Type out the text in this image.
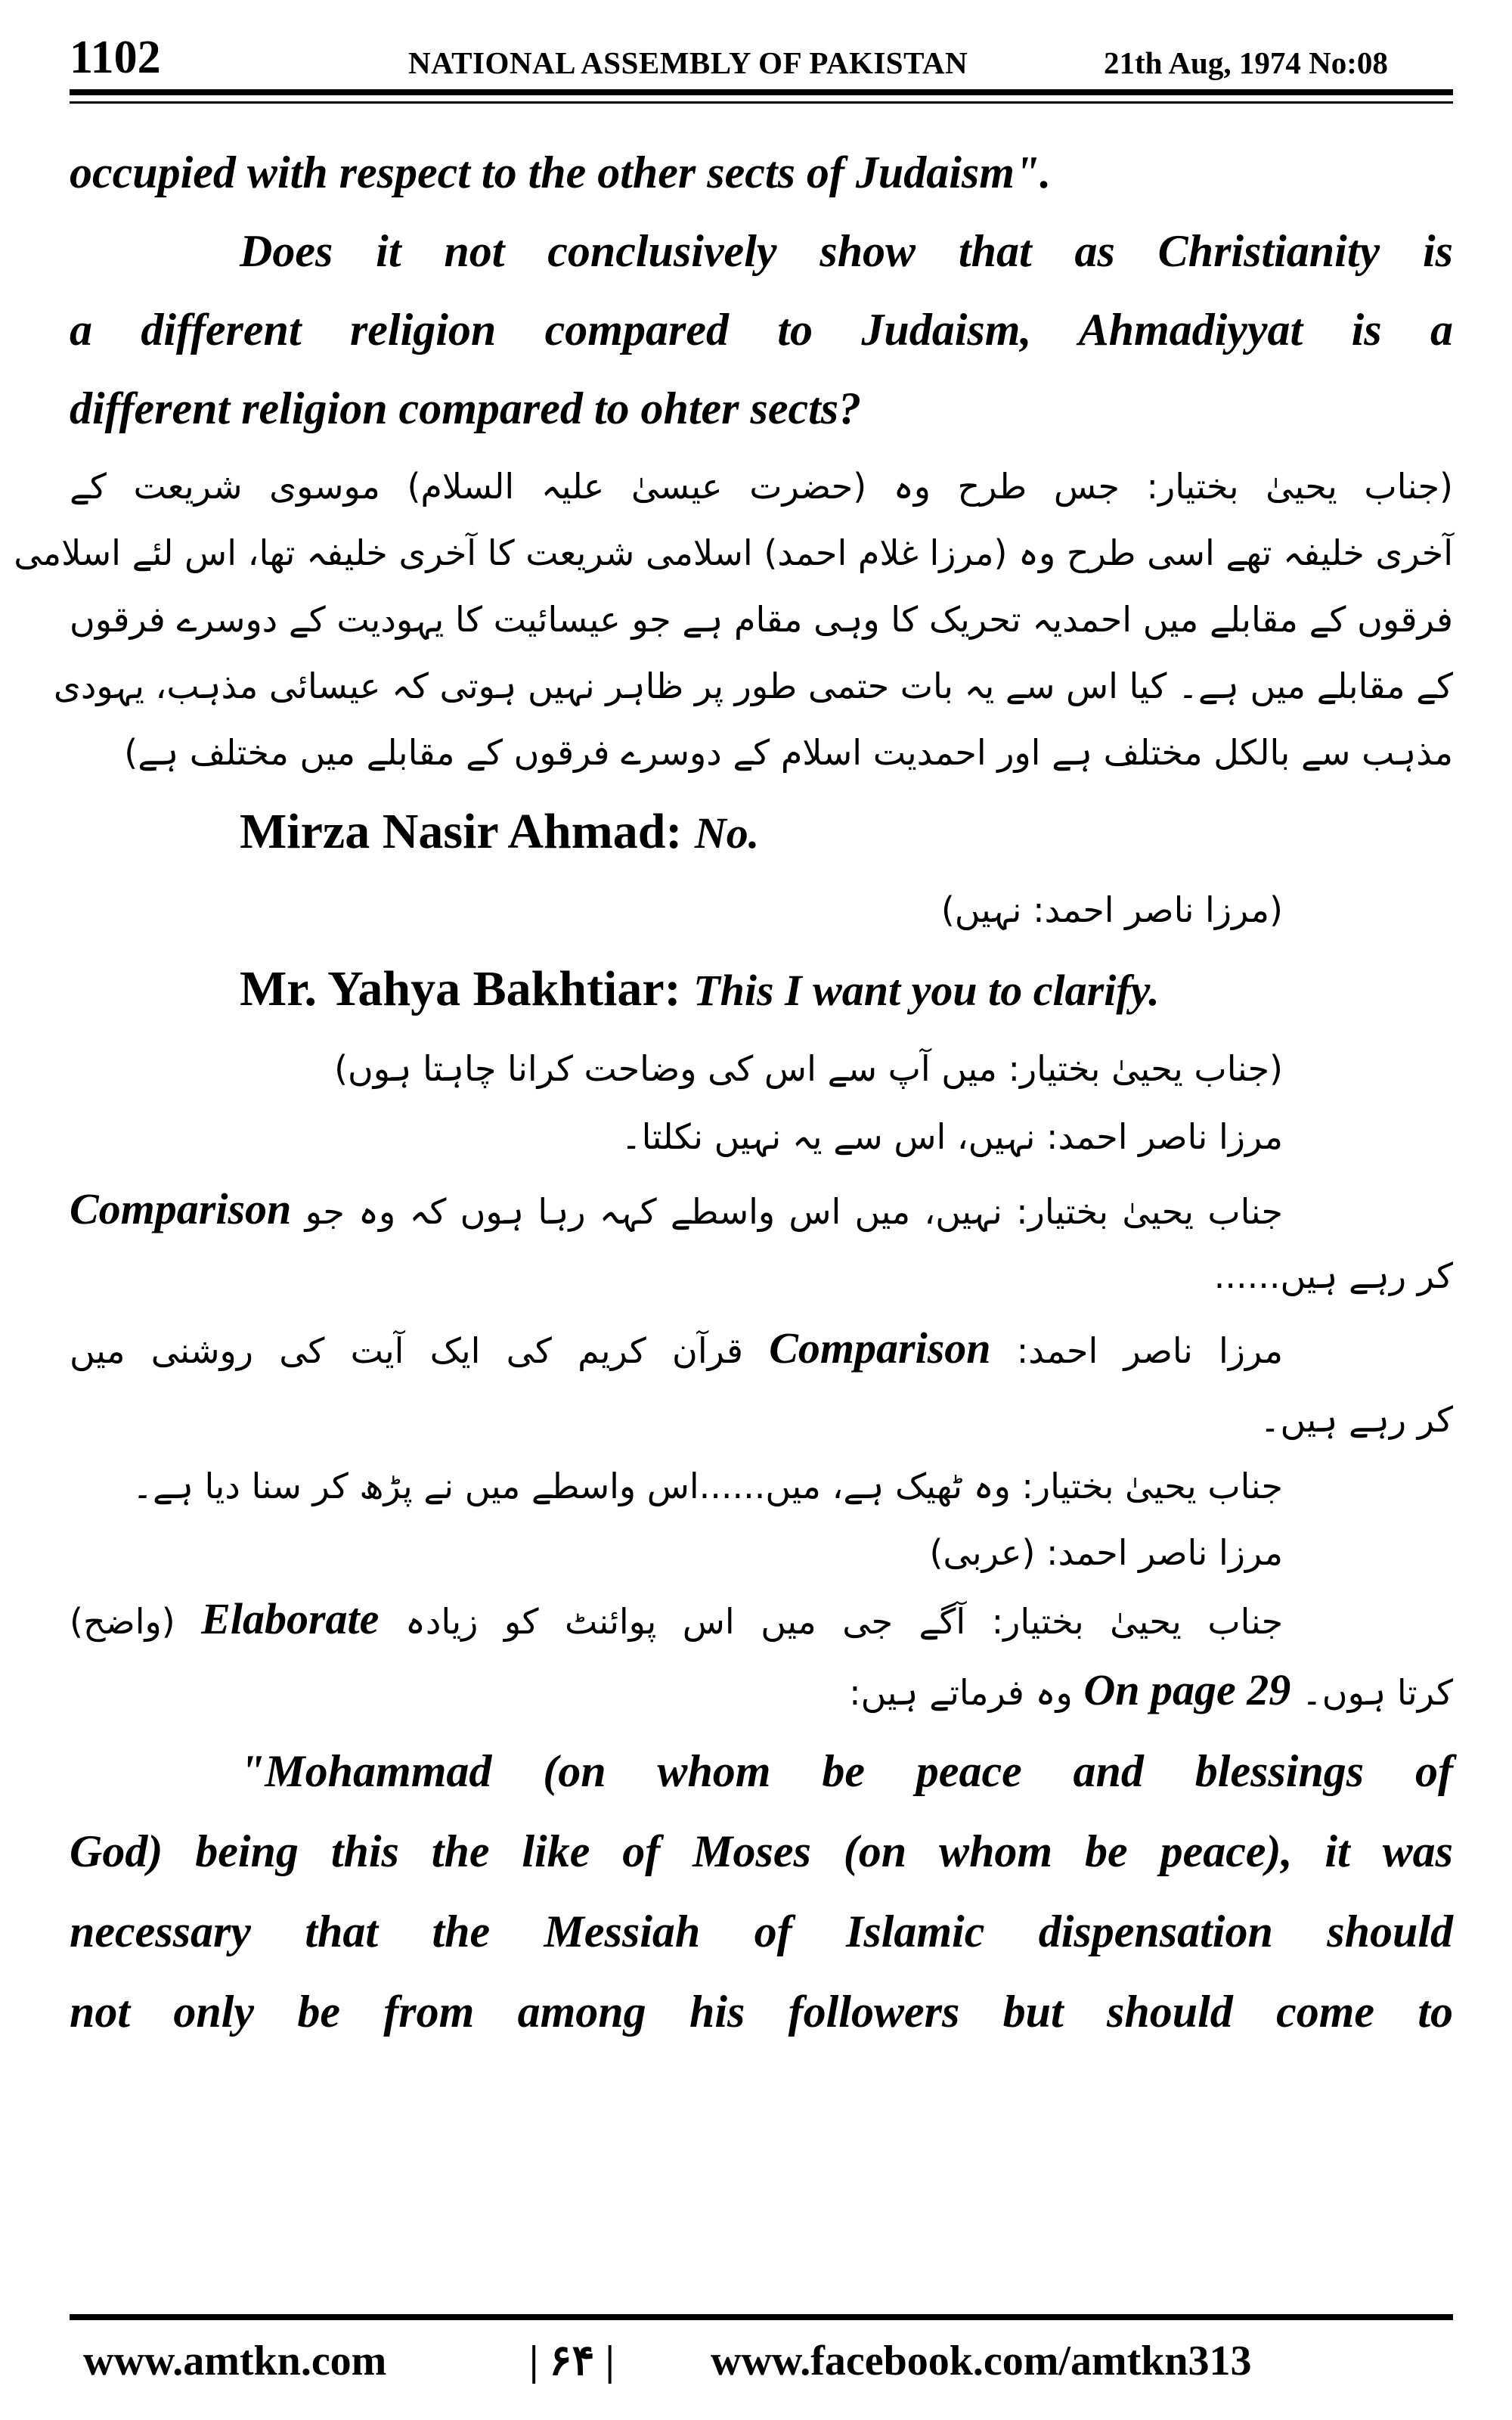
1102	NATIONAL ASSEMBLY OF PAKISTAN	21th Aug, 1974 No:08
occupied with respect to the other sects of Judaism".
Does it not conclusively show that as Christianity is
a different religion compared to Judaism, Ahmadiyyat is a
different religion compared to ohter sects?
(جناب یحییٰ بختیار: جس طرح وہ (حضرت عیسیٰ علیہ السلام) موسوی شریعت کے
آخری خلیفہ تھے اسی طرح وہ (مرزا غلام احمد) اسلامی شریعت کا آخری خلیفہ تھا، اس لئے اسلامی
فرقوں کے مقابلے میں احمدیہ تحریک کا وہی مقام ہے جو عیسائیت کا یہودیت کے دوسرے فرقوں
کے مقابلے میں ہے۔ کیا اس سے یہ بات حتمی طور پر ظاہر نہیں ہوتی کہ عیسائی مذہب، یہودی
مذہب سے بالکل مختلف ہے اور احمدیت اسلام کے دوسرے فرقوں کے مقابلے میں مختلف ہے)
Mirza Nasir Ahmad: No.
(مرزا ناصر احمد: نہیں)
Mr. Yahya Bakhtiar: This I want you to clarify.
(جناب یحییٰ بختیار: میں آپ سے اس کی وضاحت کرانا چاہتا ہوں)
مرزا ناصر احمد: نہیں، اس سے یہ نہیں نکلتا۔
جناب یحییٰ بختیار: نہیں، میں اس واسطے کہہ رہا ہوں کہ وہ جو Comparison
کر رہے ہیں......
مرزا ناصر احمد: Comparison قرآن کریم کی ایک آیت کی روشنی میں
کر رہے ہیں۔
جناب یحییٰ بختیار: وہ ٹھیک ہے، میں......اس واسطے میں نے پڑھ کر سنا دیا ہے۔
مرزا ناصر احمد: (عربی)
جناب یحییٰ بختیار: آگے جی میں اس پوائنٹ کو زیادہ Elaborate (واضح)
کرتا ہوں۔ On page 29 وہ فرماتے ہیں:
"Mohammad (on whom be peace and blessings of
God) being this the like of Moses (on whom be peace), it was
necessary that the Messiah of Islamic dispensation should
not only be from among his followers but should come to
www.amtkn.com	| ۶۴ | www.facebook.com/amtkn313
